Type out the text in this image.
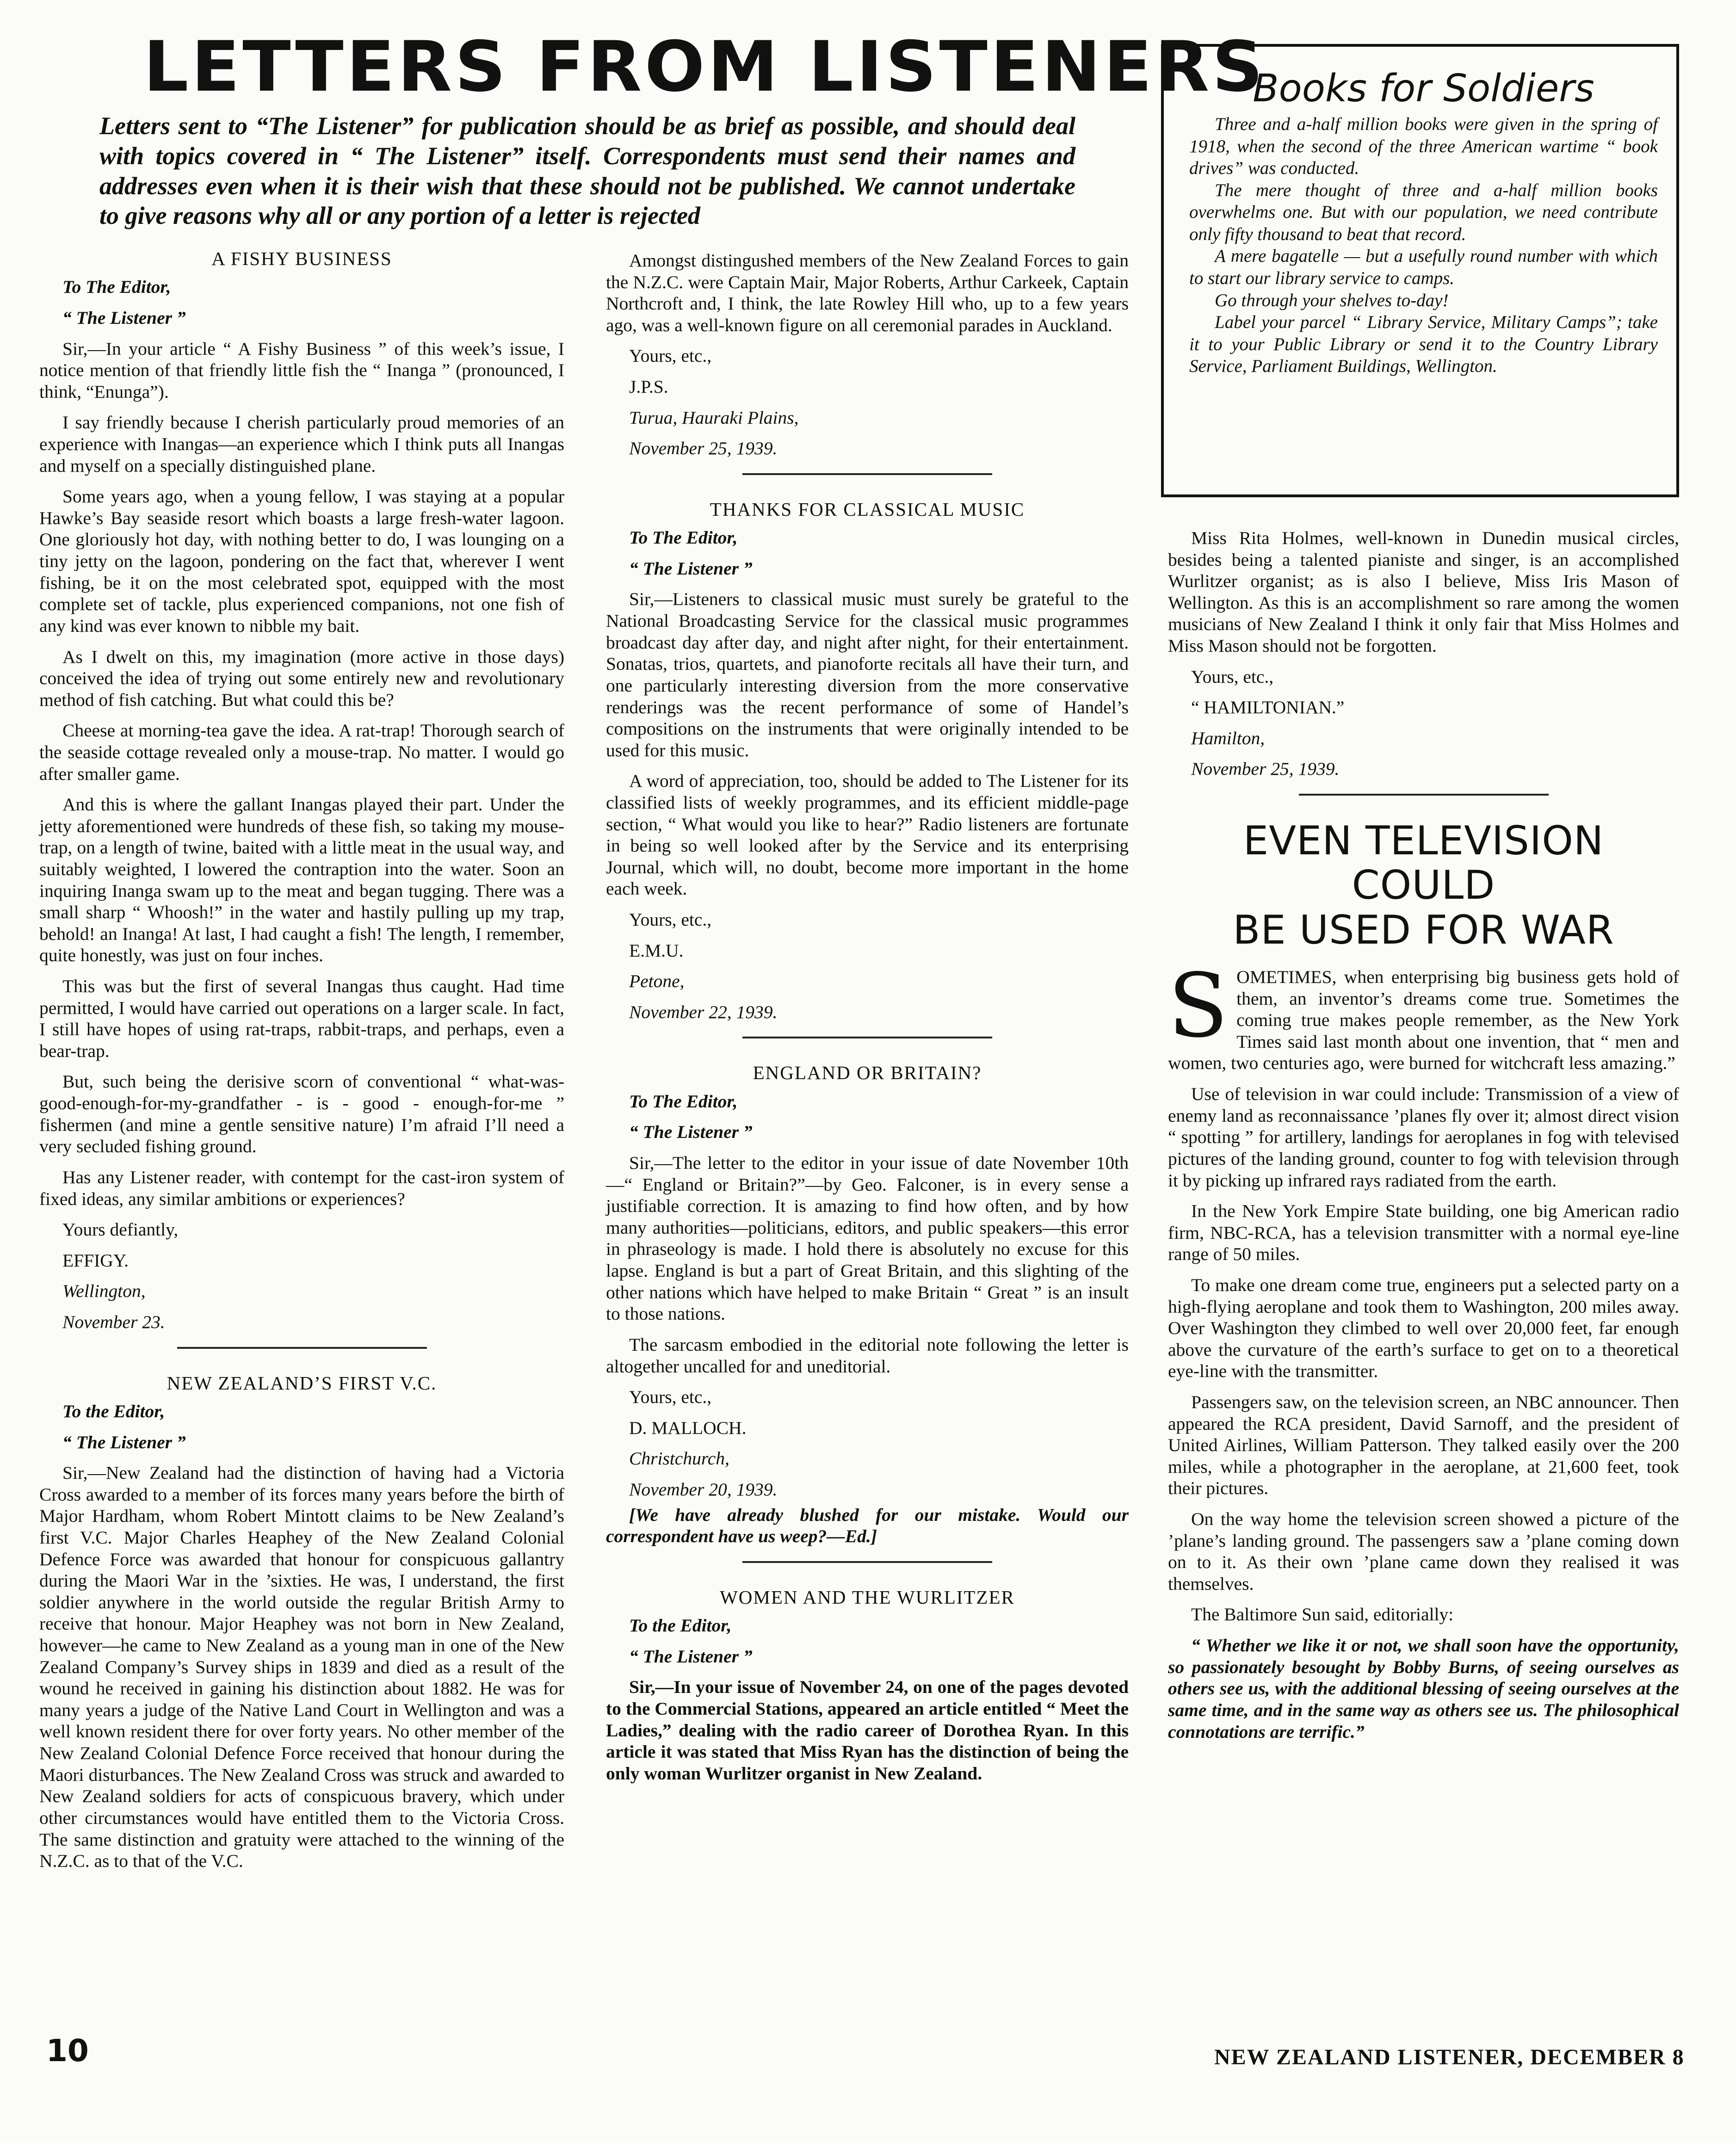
LETTERS FROM LISTENERS
Letters sent to “The Listener” for publication should be as brief as possible, and should deal with topics covered in “ The Listener” itself. Correspondents must send their names and addresses even when it is their wish that these should not be published. We cannot undertake to give reasons why all or any portion of a letter is rejected
Books for Soldiers

Three and a-half million books were given in the spring of 1918, when the second of the three American wartime “ book drives” was conducted.

The mere thought of three and a-half million books overwhelms one. But with our population, we need contribute only fifty thousand to beat that record.

A mere bagatelle — but a usefully round number with which to start our library service to camps.

Go through your shelves to-day!

Label your parcel “ Library Service, Military Camps”; take it to your Public Library or send it to the Country Library Service, Parliament Buildings, Wellington.

A FISHY BUSINESS

To The Editor,

“ The Listener ”

Sir,—In your article “ A Fishy Business ” of this week’s issue, I notice mention of that friendly little fish the “ Inanga ” (pronounced, I think, “Enunga”).

I say friendly because I cherish particularly proud memories of an experience with Inangas—an experience which I think puts all Inangas and myself on a specially distinguished plane.

Some years ago, when a young fellow, I was staying at a popular Hawke’s Bay seaside resort which boasts a large fresh-water lagoon. One gloriously hot day, with nothing better to do, I was lounging on a tiny jetty on the lagoon, pondering on the fact that, wherever I went fishing, be it on the most celebrated spot, equipped with the most complete set of tackle, plus experienced companions, not one fish of any kind was ever known to nibble my bait.

As I dwelt on this, my imagination (more active in those days) conceived the idea of trying out some entirely new and revolutionary method of fish catching. But what could this be?

Cheese at morning-tea gave the idea. A rat-trap! Thorough search of the seaside cottage revealed only a mouse-trap. No matter. I would go after smaller game.

And this is where the gallant Inangas played their part. Under the jetty aforementioned were hundreds of these fish, so taking my mouse-trap, on a length of twine, baited with a little meat in the usual way, and suitably weighted, I lowered the contraption into the water. Soon an inquiring Inanga swam up to the meat and began tugging. There was a small sharp “ Whoosh!” in the water and hastily pulling up my trap, behold! an Inanga! At last, I had caught a fish! The length, I remember, quite honestly, was just on four inches.

This was but the first of several Inangas thus caught. Had time permitted, I would have carried out operations on a larger scale. In fact, I still have hopes of using rat-traps, rabbit-traps, and perhaps, even a bear-trap.

But, such being the derisive scorn of conventional “ what-was-good-enough-for-my-grandfather - is - good - enough-for-me ” fishermen (and mine a gentle sensitive nature) I’m afraid I’ll need a very secluded fishing ground.

Has any Listener reader, with contempt for the cast-iron system of fixed ideas, any similar ambitions or experiences?

Yours defiantly,

EFFIGY.

Wellington,

November 23.

NEW ZEALAND’S FIRST V.C.

To the Editor,

“ The Listener ”

Sir,—New Zealand had the distinction of having had a Victoria Cross awarded to a member of its forces many years before the birth of Major Hardham, whom Robert Mintott claims to be New Zealand’s first V.C. Major Charles Heaphey of the New Zealand Colonial Defence Force was awarded that honour for conspicuous gallantry during the Maori War in the ’sixties. He was, I understand, the first soldier anywhere in the world outside the regular British Army to receive that honour. Major Heaphey was not born in New Zealand, however—he came to New Zealand as a young man in one of the New Zealand Company’s Survey ships in 1839 and died as a result of the wound he received in gaining his distinction about 1882. He was for many years a judge of the Native Land Court in Wellington and was a well known resident there for over forty years. No other member of the New Zealand Colonial Defence Force received that honour during the Maori disturbances. The New Zealand Cross was struck and awarded to New Zealand soldiers for acts of conspicuous bravery, which under other circumstances would have entitled them to the Victoria Cross. The same distinction and gratuity were attached to the winning of the N.Z.C. as to that of the V.C.

Amongst distingushed members of the New Zealand Forces to gain the N.Z.C. were Captain Mair, Major Roberts, Arthur Carkeek, Captain Northcroft and, I think, the late Rowley Hill who, up to a few years ago, was a well-known figure on all ceremonial parades in Auckland.

Yours, etc.,

J.P.S.

Turua, Hauraki Plains,

November 25, 1939.

THANKS FOR CLASSICAL MUSIC

To The Editor,

“ The Listener ”

Sir,—Listeners to classical music must surely be grateful to the National Broadcasting Service for the classical music programmes broadcast day after day, and night after night, for their entertainment. Sonatas, trios, quartets, and pianoforte recitals all have their turn, and one particularly interesting diversion from the more conservative renderings was the recent performance of some of Handel’s compositions on the instruments that were originally intended to be used for this music.

A word of appreciation, too, should be added to The Listener for its classified lists of weekly programmes, and its efficient middle-page section, “ What would you like to hear?” Radio listeners are fortunate in being so well looked after by the Service and its enterprising Journal, which will, no doubt, become more important in the home each week.

Yours, etc.,

E.M.U.

Petone,

November 22, 1939.

ENGLAND OR BRITAIN?

To The Editor,

“ The Listener ”

Sir,—The letter to the editor in your issue of date November 10th—“ England or Britain?”—by Geo. Falconer, is in every sense a justifiable correction. It is amazing to find how often, and by how many authorities—politicians, editors, and public speakers—this error in phraseology is made. I hold there is absolutely no excuse for this lapse. England is but a part of Great Britain, and this slighting of the other nations which have helped to make Britain “ Great ” is an insult to those nations.

The sarcasm embodied in the editorial note following the letter is altogether uncalled for and uneditorial.

Yours, etc.,

D. MALLOCH.

Christchurch,

November 20, 1939.

[We have already blushed for our mistake. Would our correspondent have us weep?—Ed.]

WOMEN AND THE WURLITZER

To the Editor,

“ The Listener ”

Sir,—In your issue of November 24, on one of the pages devoted to the Commercial Stations, appeared an article entitled “ Meet the Ladies,” dealing with the radio career of Dorothea Ryan. In this article it was stated that Miss Ryan has the distinction of being the only woman Wurlitzer organist in New Zealand.

Miss Rita Holmes, well-known in Dunedin musical circles, besides being a talented pianiste and singer, is an accomplished Wurlitzer organist; as is also I believe, Miss Iris Mason of Wellington. As this is an accomplishment so rare among the women musicians of New Zealand I think it only fair that Miss Holmes and Miss Mason should not be forgotten.

Yours, etc.,

“ HAMILTONIAN.”

Hamilton,

November 25, 1939.

EVEN TELEVISION COULD
BE USED FOR WAR

SOMETIMES, when enterprising big business gets hold of them, an inventor’s dreams come true. Sometimes the coming true makes people remember, as the New York Times said last month about one invention, that “ men and women, two centuries ago, were burned for witchcraft less amazing.”

Use of television in war could include: Transmission of a view of enemy land as reconnaissance ’planes fly over it; almost direct vision “ spotting ” for artillery, landings for aeroplanes in fog with televised pictures of the landing ground, counter to fog with television through it by picking up infrared rays radiated from the earth.

In the New York Empire State building, one big American radio firm, NBC-RCA, has a television transmitter with a normal eye-line range of 50 miles.

To make one dream come true, engineers put a selected party on a high-flying aeroplane and took them to Washington, 200 miles away. Over Washington they climbed to well over 20,000 feet, far enough above the curvature of the earth’s surface to get on to a theoretical eye-line with the transmitter.

Passengers saw, on the television screen, an NBC announcer. Then appeared the RCA president, David Sarnoff, and the president of United Airlines, William Patterson. They talked easily over the 200 miles, while a photographer in the aeroplane, at 21,600 feet, took their pictures.

On the way home the television screen showed a picture of the ’plane’s landing ground. The passengers saw a ’plane coming down on to it. As their own ’plane came down they realised it was themselves.

The Baltimore Sun said, editorially:

“ Whether we like it or not, we shall soon have the opportunity, so passionately besought by Bobby Burns, of seeing ourselves as others see us, with the additional blessing of seeing ourselves at the same time, and in the same way as others see us. The philosophical connotations are terrific.”

10	NEW ZEALAND LISTENER, DECEMBER 8
